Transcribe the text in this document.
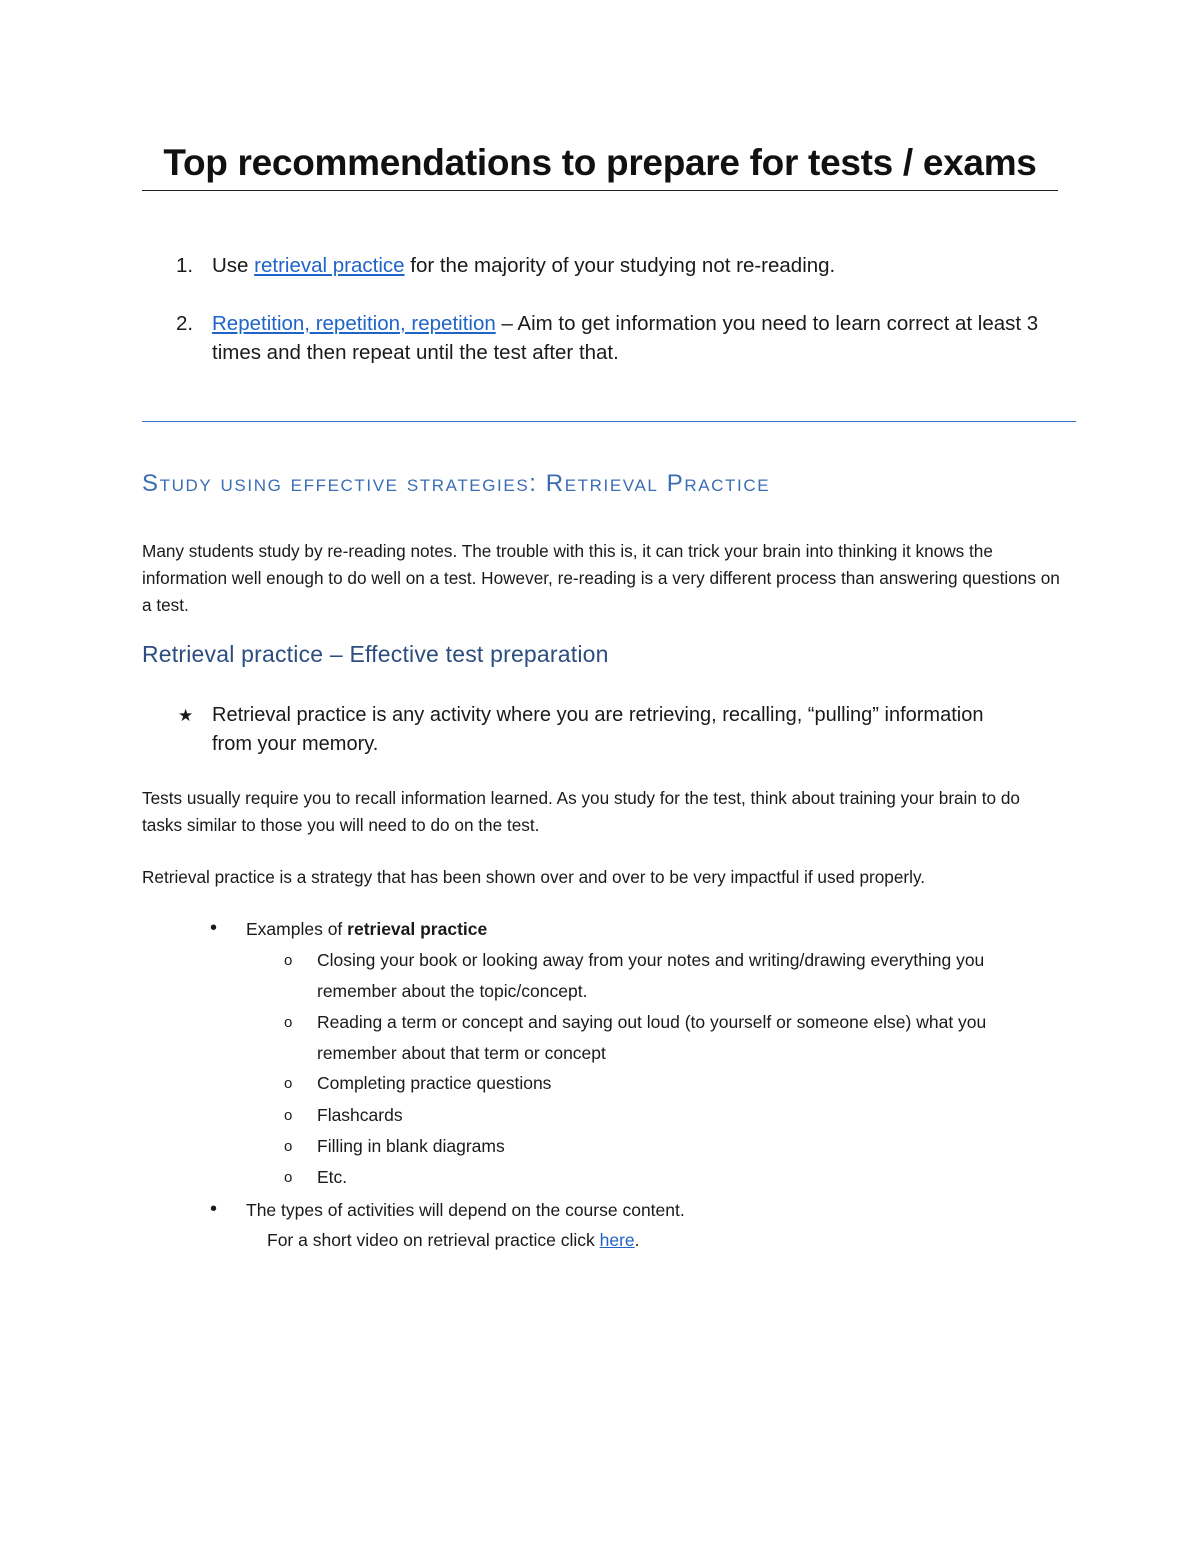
Top recommendations to prepare for tests / exams
1. Use retrieval practice for the majority of your studying not re-reading.
2. Repetition, repetition, repetition – Aim to get information you need to learn correct at least 3 times and then repeat until the test after that.
Study using effective strategies: Retrieval Practice

Many students study by re-reading notes. The trouble with this is, it can trick your brain into thinking it knows the information well enough to do well on a test. However, re-reading is a very different process than answering questions on a test.

Retrieval practice – Effective test preparation
★ Retrieval practice is any activity where you are retrieving, recalling, “pulling” information from your memory.

Tests usually require you to recall information learned. As you study for the test, think about training your brain to do tasks similar to those you will need to do on the test.

Retrieval practice is a strategy that has been shown over and over to be very impactful if used properly.

• Examples of retrieval practice
o Closing your book or looking away from your notes and writing/drawing everything you remember about the topic/concept.
o Reading a term or concept and saying out loud (to yourself or someone else) what you remember about that term or concept
o Completing practice questions
o Flashcards
o Filling in blank diagrams
o Etc.
• The types of activities will depend on the course content.
For a short video on retrieval practice click here.
